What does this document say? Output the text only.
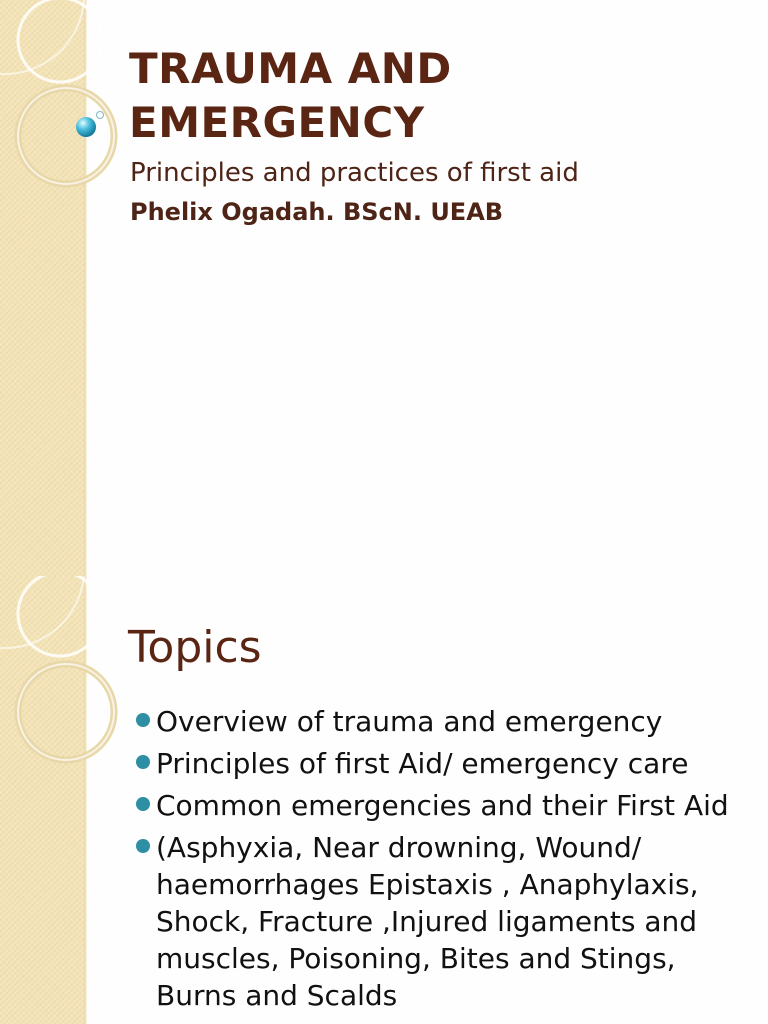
TRAUMA AND EMERGENCY

Principles and practices of first aid

Phelix Ogadah. BScN. UEAB

Topics
Overview of trauma and emergency
Principles of first Aid/ emergency care
Common emergencies and their First Aid
(Asphyxia, Near drowning, Wound/ haemorrhages Epistaxis , Anaphylaxis, Shock, Fracture ,Injured ligaments and muscles, Poisoning, Bites and Stings, Burns and Scalds
